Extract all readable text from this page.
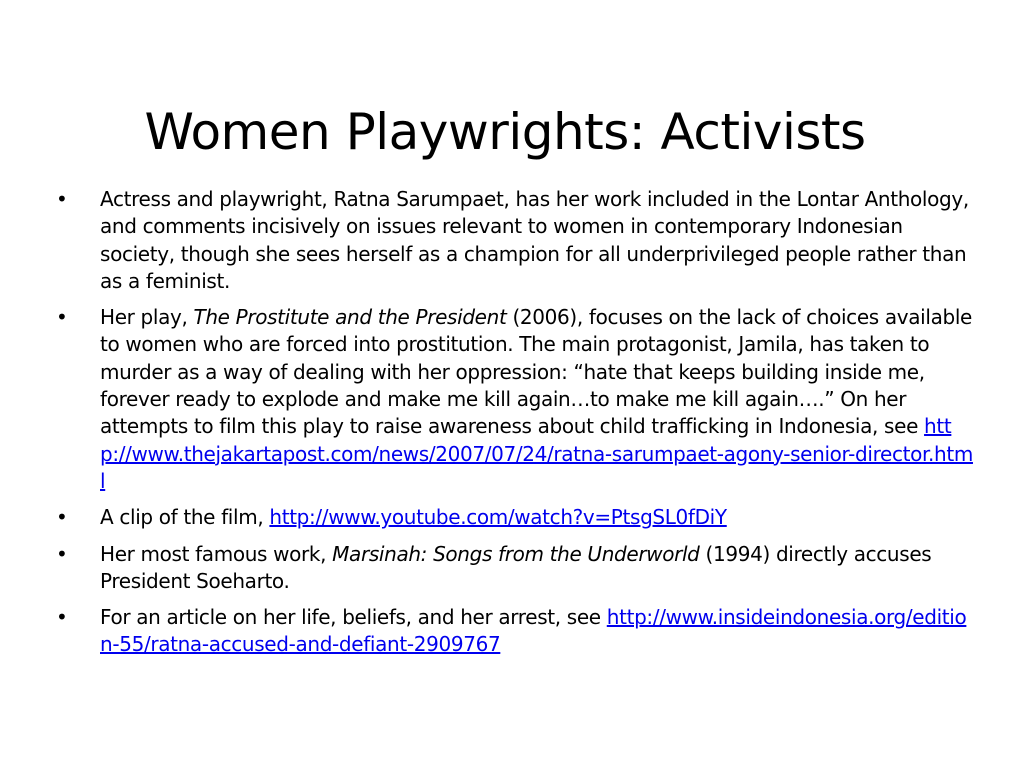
Women Playwrights: Activists
•	Actress and playwright, Ratna Sarumpaet, has her work included in the Lontar Anthology, and comments incisively on issues relevant to women in contemporary Indonesian society, though she sees herself as a champion for all underprivileged people rather than as a feminist.
•	Her play, The Prostitute and the President (2006), focuses on the lack of choices available to women who are forced into prostitution. The main protagonist, Jamila, has taken to murder as a way of dealing with her oppression: “hate that keeps building inside me, forever ready to explode and make me kill again…to make me kill again….” On her attempts to film this play to raise awareness about child trafficking in Indonesia, see http://www.thejakartapost.com/news/2007/07/24/ratna-sarumpaet-agony-senior-director.html
•	A clip of the film, http://www.youtube.com/watch?v=PtsgSL0fDiY
•	Her most famous work, Marsinah: Songs from the Underworld (1994) directly accuses President Soeharto.
•	For an article on her life, beliefs, and her arrest, see http://www.insideindonesia.org/edition-55/ratna-accused-and-defiant-2909767
